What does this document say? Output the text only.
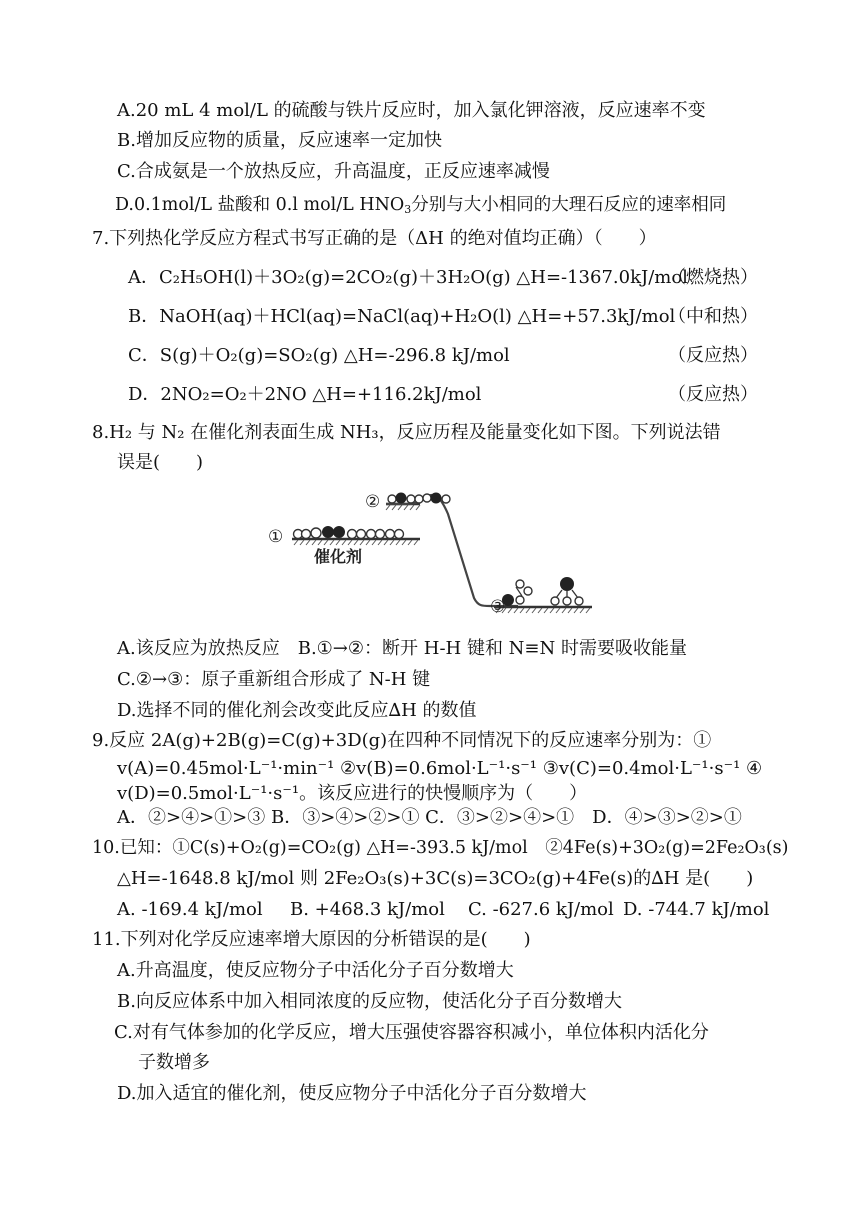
A.20 mL 4 mol/L 的硫酸与铁片反应时，加入氯化钾溶液，反应速率不变
B.增加反应物的质量，反应速率一定加快
C.合成氨是一个放热反应，升高温度，正反应速率减慢
D.0.1mol/L 盐酸和 0.l mol/L $HNO_3$分别与大小相同的大理石反应的速率相同
7.下列热化学反应方程式书写正确的是（ΔH 的绝对值均正确）（　　）
A．C₂H₅OH(l)＋3O₂(g)=2CO₂(g)＋3H₂O(g) △H=-1367.0kJ/mol
（燃烧热）
B．NaOH(aq)＋HCl(aq)=NaCl(aq)+H₂O(l) △H=+57.3kJ/mol
（中和热）
C．S(g)＋O₂(g)=SO₂(g) △H=-296.8 kJ/mol	（反应热）
D．2NO₂=O₂＋2NO △H=+116.2kJ/mol	（反应热）
8.H₂ 与 N₂ 在催化剂表面生成 NH₃，反应历程及能量变化如下图。下列说法错
误是(　　)
①
②
③
催化剂
A.该反应为放热反应　B.①→②：断开 H-H 键和 N≡N 时需要吸收能量
C.②→③：原子重新组合形成了 N-H 键
D.选择不同的催化剂会改变此反应∆H 的数值
9.反应 2A(g)+2B(g)=C(g)+3D(g)在四种不同情况下的反应速率分别为：①
v(A)=0.45mol·L⁻¹·min⁻¹ ②v(B)=0.6mol·L⁻¹·s⁻¹ ③v(C)=0.4mol·L⁻¹·s⁻¹ ④
v(D)=0.5mol·L⁻¹·s⁻¹。该反应进行的快慢顺序为（　　）
A．②>④>①>③ B．③>④>②>① C．③>②>④>①　D．④>③>②>①
10.已知：①C(s)+O₂(g)=CO₂(g) △H=-393.5 kJ/mol　②4Fe(s)+3O₂(g)=2Fe₂O₃(s)
△H=-1648.8 kJ/mol 则 2Fe₂O₃(s)+3C(s)=3CO₂(g)+4Fe(s)的∆H 是(　　)
A. -169.4 kJ/mol B. +468.3 kJ/mol C. -627.6 kJ/mol D. -744.7 kJ/mol
11.下列对化学反应速率增大原因的分析错误的是(　　)
A.升高温度，使反应物分子中活化分子百分数增大
B.向反应体系中加入相同浓度的反应物，使活化分子百分数增大
C.对有气体参加的化学反应，增大压强使容器容积减小，单位体积内活化分
子数增多
D.加入适宜的催化剂，使反应物分子中活化分子百分数增大
